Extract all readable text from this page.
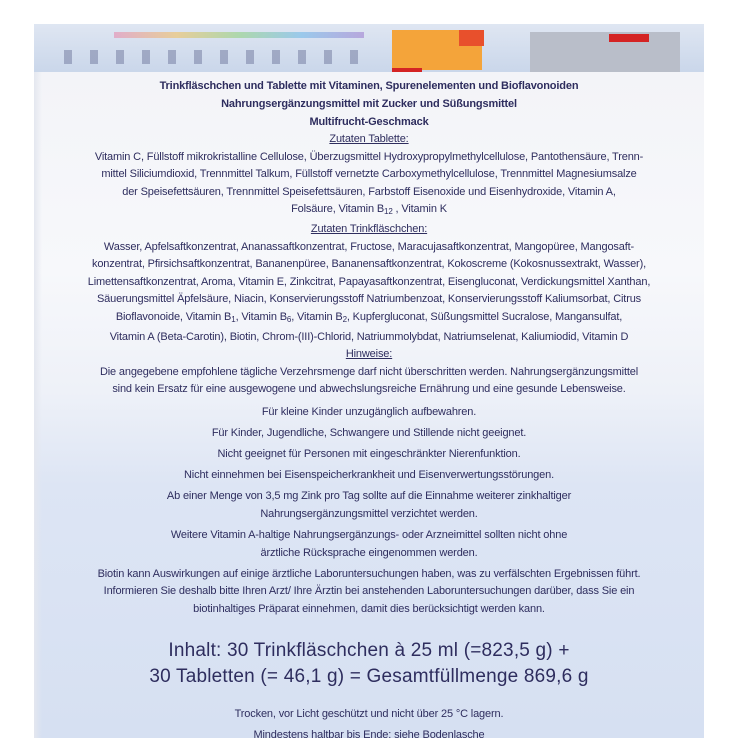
Trinkfläschchen und Tablette mit Vitaminen, Spurenelementen und Bioflavonoiden
Nahrungsergänzungsmittel mit Zucker und Süßungsmittel
Multifrucht-Geschmack
Zutaten Tablette:
Vitamin C, Füllstoff mikrokristalline Cellulose, Überzugsmittel Hydroxypropylmethylcellulose, Pantothensäure, Trenn-
mittel Siliciumdioxid, Trennmittel Talkum, Füllstoff vernetzte Carboxymethylcellulose, Trennmittel Magnesiumsalze
der Speisefettsäuren, Trennmittel Speisefettsäuren, Farbstoff Eisenoxide und Eisenhydroxide, Vitamin A,
Folsäure, Vitamin $B_{12}$ , Vitamin K
Zutaten Trinkfläschchen:
Wasser, Apfelsaftkonzentrat, Ananassaftkonzentrat, Fructose, Maracujasaftkonzentrat, Mangopüree, Mangosaft-
konzentrat, Pfirsichsaftkonzentrat, Bananenpüree, Bananensaftkonzentrat, Kokoscreme (Kokosnussextrakt, Wasser),
Limettensaftkonzentrat, Aroma, Vitamin E, Zinkcitrat, Papayasaftkonzentrat, Eisengluconat, Verdickungsmittel Xanthan,
Säuerungsmittel Äpfelsäure, Niacin, Konservierungsstoff Natriumbenzoat, Konservierungsstoff Kaliumsorbat, Citrus
Bioflavonoide, Vitamin $B_1$, Vitamin $B_6$, Vitamin $B_2$, Kupfergluconat, Süßungsmittel Sucralose, Mangansulfat,
Vitamin A (Beta-Carotin), Biotin, Chrom-(III)-Chlorid, Natriummolybdat, Natriumselenat, Kaliumiodid, Vitamin D
Hinweise:
Die angegebene empfohlene tägliche Verzehrsmenge darf nicht überschritten werden. Nahrungsergänzungsmittel
sind kein Ersatz für eine ausgewogene und abwechslungsreiche Ernährung und eine gesunde Lebensweise.
Für kleine Kinder unzugänglich aufbewahren.
Für Kinder, Jugendliche, Schwangere und Stillende nicht geeignet.
Nicht geeignet für Personen mit eingeschränkter Nierenfunktion.
Nicht einnehmen bei Eisenspeicherkrankheit und Eisenverwertungsstörungen.
Ab einer Menge von 3,5 mg Zink pro Tag sollte auf die Einnahme weiterer zinkhaltiger
Nahrungsergänzungsmittel verzichtet werden.
Weitere Vitamin A-haltige Nahrungsergänzungs- oder Arzneimittel sollten nicht ohne
ärztliche Rücksprache eingenommen werden.
Biotin kann Auswirkungen auf einige ärztliche Laboruntersuchungen haben, was zu verfälschten Ergebnissen führt.
Informieren Sie deshalb bitte Ihren Arzt/ Ihre Ärztin bei anstehenden Laboruntersuchungen darüber, dass Sie ein
biotinhaltiges Präparat einnehmen, damit dies berücksichtigt werden kann.
Inhalt: 30 Trinkfläschchen à 25 ml (=823,5 g) +
30 Tabletten (= 46,1 g) = Gesamtfüllmenge 869,6 g
Trocken, vor Licht geschützt und nicht über 25 °C lagern.
Mindestens haltbar bis Ende: siehe Bodenlasche
